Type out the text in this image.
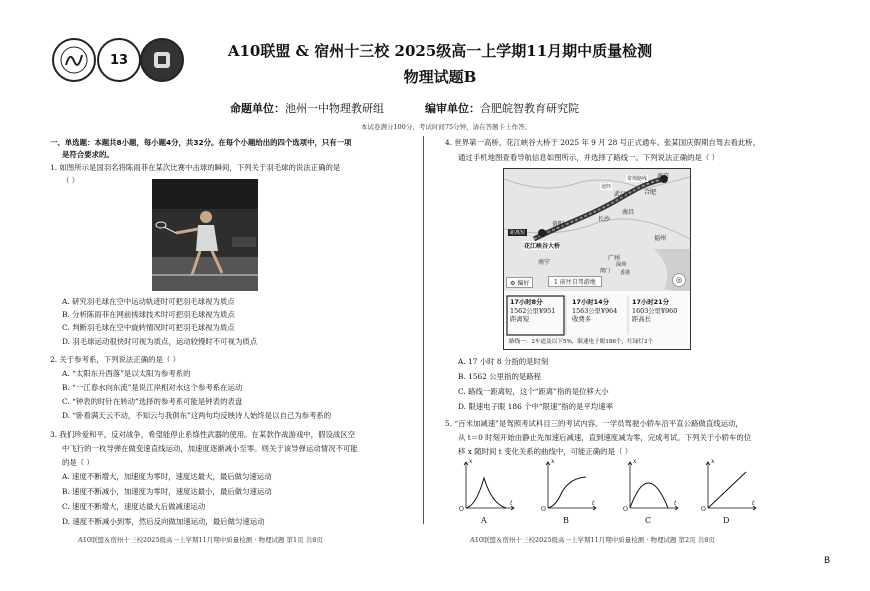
13	A10联盟 & 宿州十三校 2025级高一上学期11月期中质量检测
物理试题B
命题单位：池州一中物理教研组	编审单位：合肥皖智教育研究院
本试卷满分100分，考试时间75分钟，请在答题卡上作答。
一、单选题：本题共8小题，每小题4分，共32分。在每个小题给出的四个选项中，只有一项
是符合要求的。
1. 如图所示是国羽名将陈雨菲在某次比赛中击球的瞬间，下列关于羽毛球的说法正确的是
（ ）
A. 研究羽毛球在空中运动轨迹时可把羽毛球视为质点
B. 分析陈雨菲在网前搓球技术时可把羽毛球视为质点
C. 判断羽毛球在空中旋转情况时可把羽毛球视为质点
D. 羽毛球运动很快时可视为质点，运动较慢时不可视为质点
2. 关于参考系，下列说法正确的是（ ）
A. “太阳东升西落”是以太阳为参考系的
B. “一江春水向东流”是说江岸相对水这个参考系在运动
C. “钟表的时针在转动”选择的参考系可能是钟表的表盘
D. “卧看满天云不动，不知云与我俱东”这两句均反映诗人始终是以自己为参考系的
3. 我们珍爱和平，反对战争，希望能停止系绦性武器的使用。在某款作战游戏中，假设战区空
中飞行的一枚导弹在做变速直线运动，加速度逐渐减小至零。则关于该导弹运动情况不可能
的是（ ）
A. 速度不断增大，加速度为零时，速度达最大，最后做匀速运动
B. 速度不断减小，加速度为零时，速度达最小，最后做匀速运动
C. 速度不断增大，速度达最大后做减速运动
D. 速度不断减小到零，然后反向做加速运动，最后做匀速运动
A10联盟＆宿州十三校2025级高一上学期11月期中质量检测 · 物理试题 第1页 共8页
4. 世界第一高桥，花江峡谷大桥于 2025 年 9 月 28 号正式通车。张某国庆假期自驾去看此桥，
通过手机地图查看导航信息如图所示，并选择了路线一。下列说法正确的是（ ）
南京
合肥
武汉
南昌
长沙
福州
贵阳
花江峡谷大桥
南宁
广州
深圳
澳门 香港
距离短
途经
常规路线
⚙ 偏好	1 前往自驾游地	◎
17小时8分
1562公里¥951
距离短
17小时14分
1563公里¥964
收费多
17小时21分
1603公里¥960
距高长
路线一：2车道及以下5%，限速电子眼186个，红绿灯2个
A. 17 小时 8 分指的是时刻
B. 1562 公里指的是路程
C. 路线一距离短，这个“距离”指的是位移大小
D. 限速电子眼 186 个中“限速”指的是平均速率
5. “百米加减速”是驾照考试科目三的考试内容。一学员驾驶小轿车沿平直公路做直线运动，
从 t＝0 时刻开始由静止先加速后减速，直到速度减为零，完成考试。下列关于小轿车的位
移 x 随时间 t 变化关系的曲线中，可能正确的是（ ）
x
t
O
A
x
t
O
B
x
t
O
C
x
t
O
D
A10联盟＆宿州十三校2025级高一上学期11月期中质量检测 · 物理试题 第2页 共8页
B
